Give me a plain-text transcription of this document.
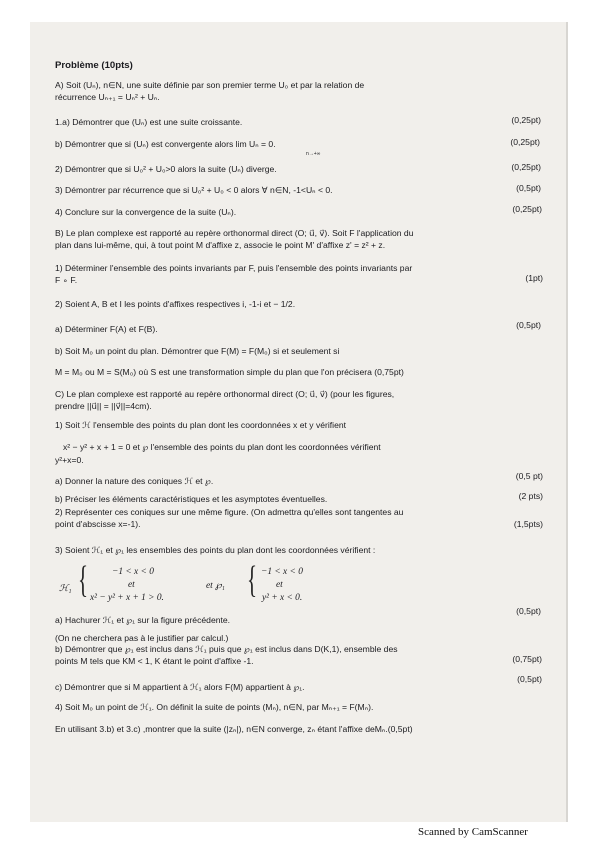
Problème (10pts)
A) Soit (Uₙ), n∈N, une suite définie par son premier terme U₀ et par la relation de
récurrence Uₙ₊₁ = Uₙ² + Uₙ.
1.a) Démontrer que (Uₙ) est une suite croissante.	(0,25pt)
b) Démontrer que si (Uₙ) est convergente alors lim Uₙ = 0.
n→+∞
(0,25pt)
2) Démontrer que si U₀² + U₀>0 alors la suite (Uₙ) diverge.	(0,25pt)
3) Démontrer par récurrence que si U₀² + U₀ < 0 alors ∀ n∈N, -1<Uₙ < 0.	(0,5pt)
4) Conclure sur la convergence de la suite (Uₙ).	(0,25pt)
B) Le plan complexe est rapporté au repère orthonormal direct (O; u⃗, v⃗). Soit F l'application du
plan dans lui-même, qui, à tout point M d'affixe z, associe le point M' d'affixe z' = z² + z.
1) Déterminer l'ensemble des points invariants par F, puis l'ensemble des points invariants par
F ∘ F.	(1pt)
2) Soient A, B et I les points d'affixes respectives i, -1-i et − 1/2.
a) Déterminer F(A) et F(B).	(0,5pt)
b) Soit M₀ un point du plan. Démontrer que F(M) = F(M₀) si et seulement si
M = M₀ ou M = S(M₀) où S est une transformation simple du plan que l'on précisera (0,75pt)
C) Le plan complexe est rapporté au repère orthonormal direct (O; u⃗, v⃗) (pour les figures,
prendre ||u⃗|| = ||v⃗||=4cm).
1) Soit ℋ l'ensemble des points du plan dont les coordonnées x et y vérifient
x² − y² + x + 1 = 0 et ℘ l'ensemble des points du plan dont les coordonnées vérifient
y²+x=0.
a) Donner la nature des coniques ℋ et ℘.	(0,5 pt)
b) Préciser les éléments caractéristiques et les asymptotes éventuelles.	(2 pts)
2) Représenter ces coniques sur une même figure. (On admettra qu'elles sont tangentes au
point d'abscisse x=-1).	(1,5pts)
3) Soient ℋ₁ et ℘₁ les ensembles des points du plan dont les coordonnées vérifient :
ℋ₁ {	−1 < x < 0
et
x² − y² + x + 1 > 0.
et ℘₁ { −1 < x < 0
et
y² + x < 0.
a) Hachurer ℋ₁ et ℘₁ sur la figure précédente.
(0,5pt)
(On ne cherchera pas à le justifier par calcul.)
b) Démontrer que ℘₁ est inclus dans ℋ₁ puis que ℘₁ est inclus dans D(K,1), ensemble des
points M tels que KM < 1, K étant le point d'affixe -1.	(0,75pt)
c) Démontrer que si M appartient à ℋ₁ alors F(M) appartient à ℘₁.
(0,5pt)
4) Soit M₀ un point de ℋ₁. On définit la suite de points (Mₙ), n∈N, par Mₙ₊₁ = F(Mₙ).
En utilisant 3.b) et 3.c) ,montrer que la suite (|zₙ|), n∈N converge, zₙ étant l'affixe deMₙ.(0,5pt)
Scanned by CamScanner
